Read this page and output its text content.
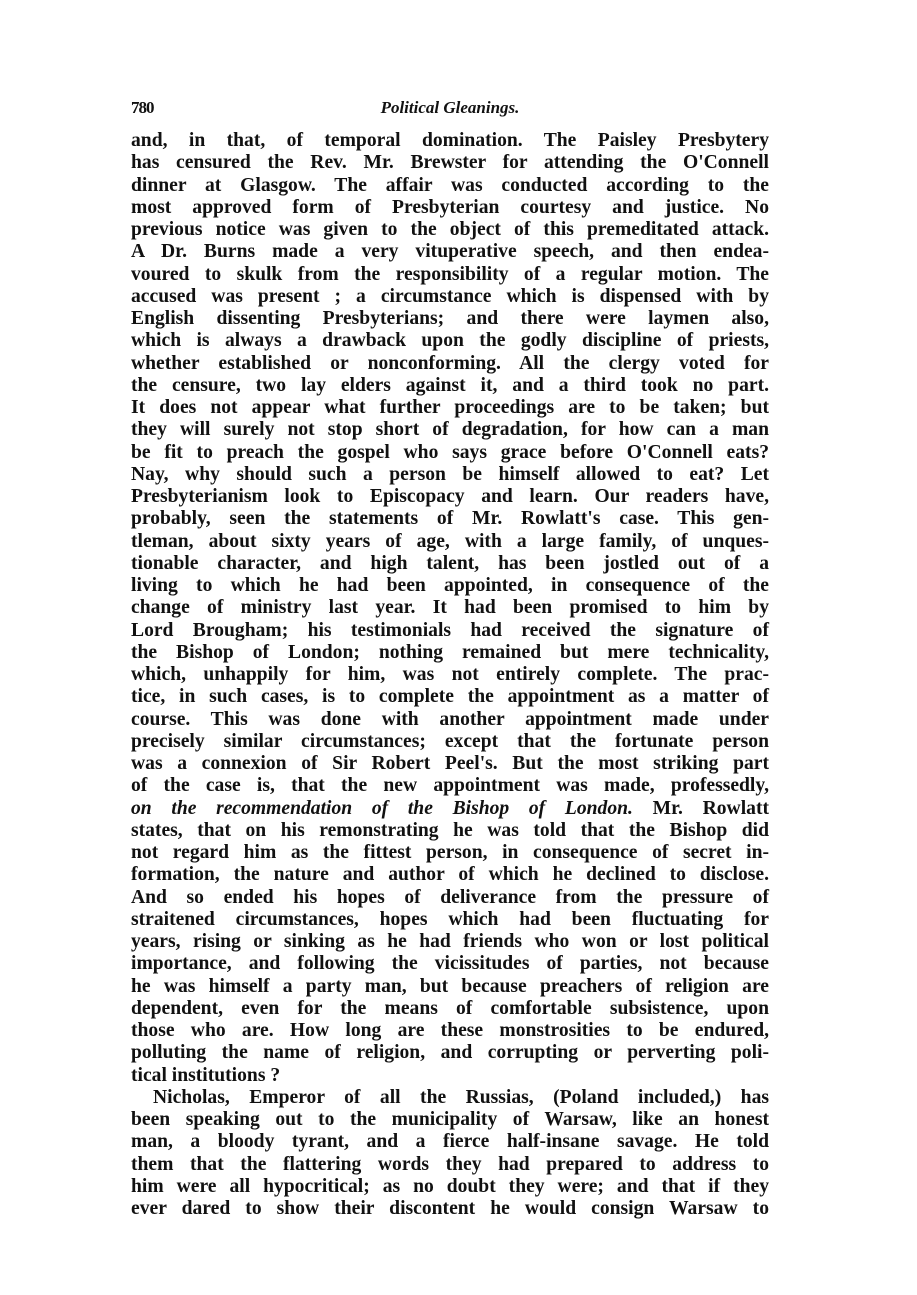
780	Political Gleanings.
and, in that, of temporal domination. The Paisley Presbytery
has censured the Rev. Mr. Brewster for attending the O'Connell
dinner at Glasgow. The affair was conducted according to the
most approved form of Presbyterian courtesy and justice. No
previous notice was given to the object of this premeditated attack.
A Dr. Burns made a very vituperative speech, and then endea-
voured to skulk from the responsibility of a regular motion. The
accused was present ; a circumstance which is dispensed with by
English dissenting Presbyterians; and there were laymen also,
which is always a drawback upon the godly discipline of priests,
whether established or nonconforming. All the clergy voted for
the censure, two lay elders against it, and a third took no part.
It does not appear what further proceedings are to be taken; but
they will surely not stop short of degradation, for how can a man
be fit to preach the gospel who says grace before O'Connell eats?
Nay, why should such a person be himself allowed to eat? Let
Presbyterianism look to Episcopacy and learn. Our readers have,
probably, seen the statements of Mr. Rowlatt's case. This gen-
tleman, about sixty years of age, with a large family, of unques-
tionable character, and high talent, has been jostled out of a
living to which he had been appointed, in consequence of the
change of ministry last year. It had been promised to him by
Lord Brougham; his testimonials had received the signature of
the Bishop of London; nothing remained but mere technicality,
which, unhappily for him, was not entirely complete. The prac-
tice, in such cases, is to complete the appointment as a matter of
course. This was done with another appointment made under
precisely similar circumstances; except that the fortunate person
was a connexion of Sir Robert Peel's. But the most striking part
of the case is, that the new appointment was made, professedly,
on the recommendation of the Bishop of London. Mr. Rowlatt
states, that on his remonstrating he was told that the Bishop did
not regard him as the fittest person, in consequence of secret in-
formation, the nature and author of which he declined to disclose.
And so ended his hopes of deliverance from the pressure of
straitened circumstances, hopes which had been fluctuating for
years, rising or sinking as he had friends who won or lost political
importance, and following the vicissitudes of parties, not because
he was himself a party man, but because preachers of religion are
dependent, even for the means of comfortable subsistence, upon
those who are. How long are these monstrosities to be endured,
polluting the name of religion, and corrupting or perverting poli-
tical institutions ?
Nicholas, Emperor of all the Russias, (Poland included,) has
been speaking out to the municipality of Warsaw, like an honest
man, a bloody tyrant, and a fierce half-insane savage. He told
them that the flattering words they had prepared to address to
him were all hypocritical; as no doubt they were; and that if they
ever dared to show their discontent he would consign Warsaw to
